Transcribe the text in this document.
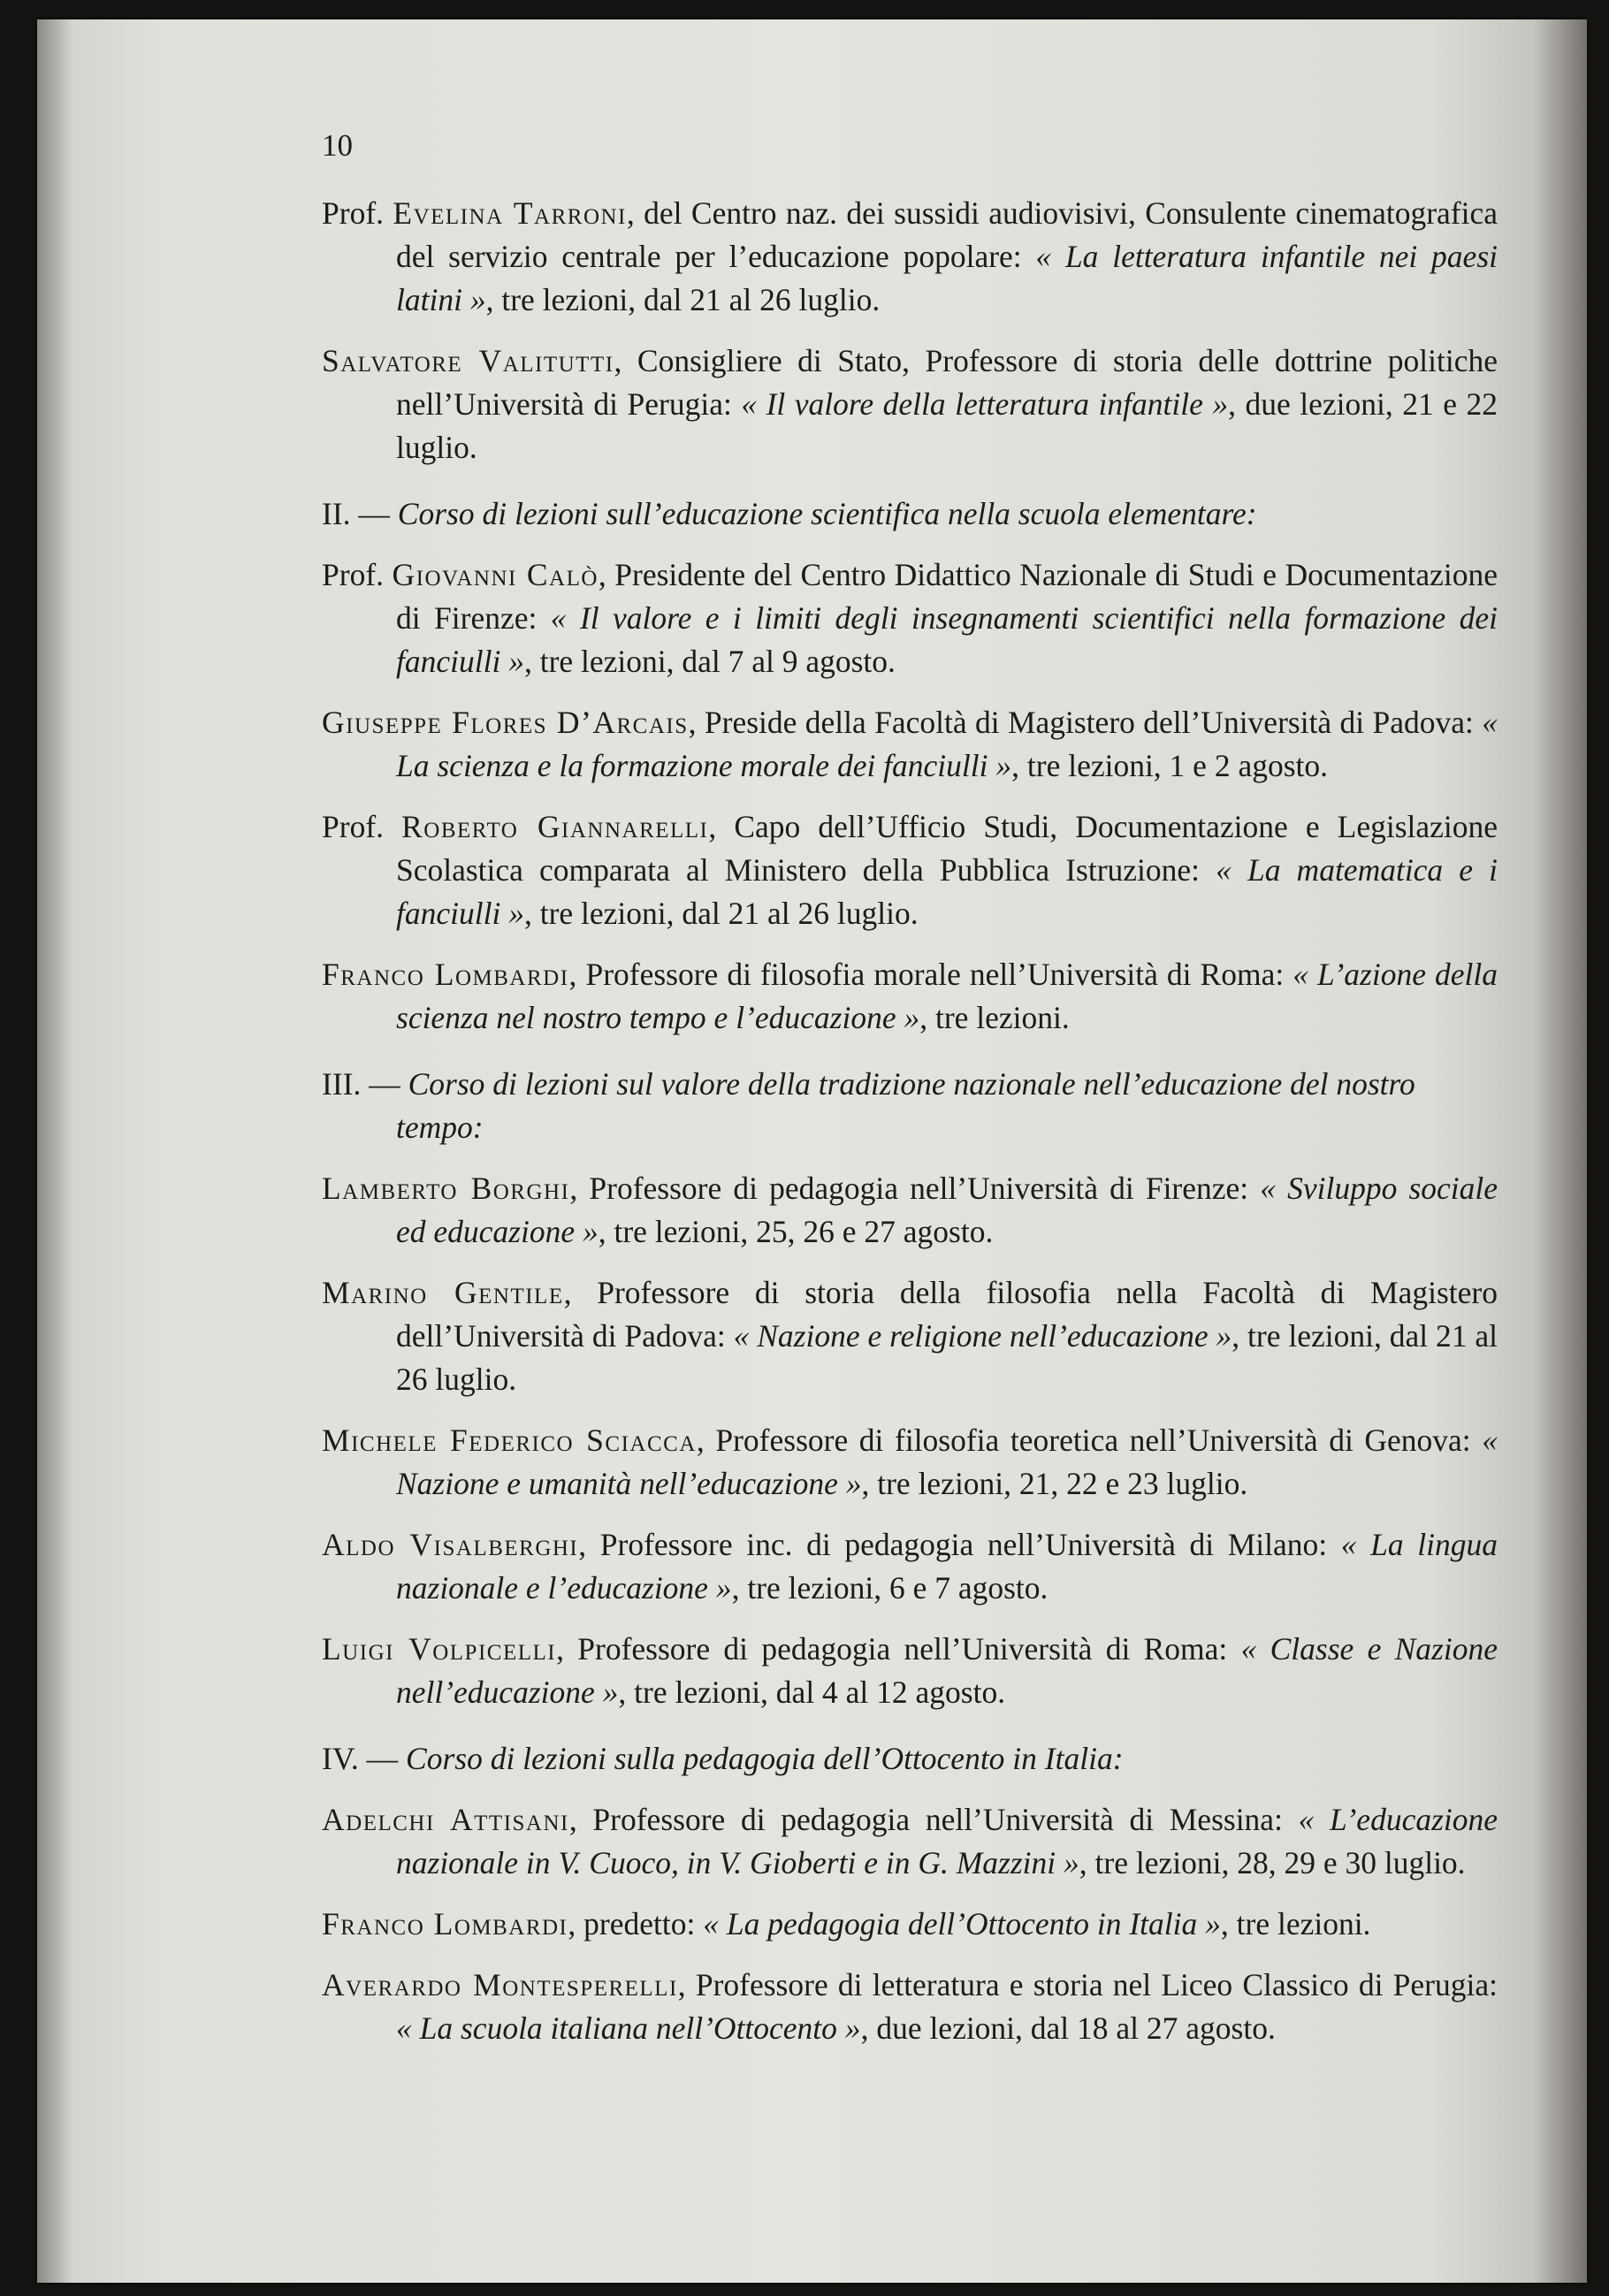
10

Prof. Evelina Tarroni, del Centro naz. dei sussidi audiovisivi, Consulente cinematografica del servizio centrale per l’educazione popolare: « La letteratura infantile nei paesi latini », tre lezioni, dal 21 al 26 luglio.

Salvatore Valitutti, Consigliere di Stato, Professore di storia delle dottrine politiche nell’Università di Perugia: « Il valore della letteratura infantile », due lezioni, 21 e 22 luglio.

II. — Corso di lezioni sull’educazione scientifica nella scuola elementare:

Prof. Giovanni Calò, Presidente del Centro Didattico Nazionale di Studi e Documentazione di Firenze: « Il valore e i limiti degli insegnamenti scientifici nella formazione dei fanciulli », tre lezioni, dal 7 al 9 agosto.

Giuseppe Flores D’Arcais, Preside della Facoltà di Magistero dell’Università di Padova: « La scienza e la formazione morale dei fanciulli », tre lezioni, 1 e 2 agosto.

Prof. Roberto Giannarelli, Capo dell’Ufficio Studi, Documentazione e Legislazione Scolastica comparata al Ministero della Pubblica Istruzione: « La matematica e i fanciulli », tre lezioni, dal 21 al 26 luglio.

Franco Lombardi, Professore di filosofia morale nell’Università di Roma: « L’azione della scienza nel nostro tempo e l’educazione », tre lezioni.

III. — Corso di lezioni sul valore della tradizione nazionale nell’educazione del nostro tempo:

Lamberto Borghi, Professore di pedagogia nell’Università di Firenze: « Sviluppo sociale ed educazione », tre lezioni, 25, 26 e 27 agosto.

Marino Gentile, Professore di storia della filosofia nella Facoltà di Magistero dell’Università di Padova: « Nazione e religione nell’educazione », tre lezioni, dal 21 al 26 luglio.

Michele Federico Sciacca, Professore di filosofia teoretica nell’Università di Genova: « Nazione e umanità nell’educazione », tre lezioni, 21, 22 e 23 luglio.

Aldo Visalberghi, Professore inc. di pedagogia nell’Università di Milano: « La lingua nazionale e l’educazione », tre lezioni, 6 e 7 agosto.

Luigi Volpicelli, Professore di pedagogia nell’Università di Roma: « Classe e Nazione nell’educazione », tre lezioni, dal 4 al 12 agosto.

IV. — Corso di lezioni sulla pedagogia dell’Ottocento in Italia:

Adelchi Attisani, Professore di pedagogia nell’Università di Messina: « L’educazione nazionale in V. Cuoco, in V. Gioberti e in G. Mazzini », tre lezioni, 28, 29 e 30 luglio.

Franco Lombardi, predetto: « La pedagogia dell’Ottocento in Italia », tre lezioni.

Averardo Montesperelli, Professore di letteratura e storia nel Liceo Classico di Perugia: « La scuola italiana nell’Ottocento », due lezioni, dal 18 al 27 agosto.
